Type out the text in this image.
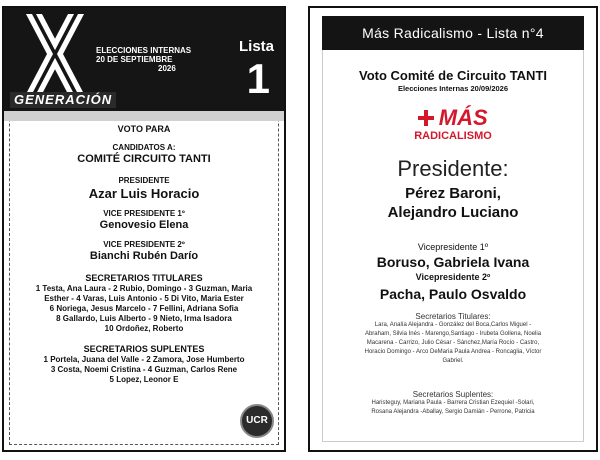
GENERACIÓN
ELECCIONES INTERNAS
20 DE SEPTIEMBRE
2026
Lista
1
VOTO PARA
CANDIDATOS A:
COMITÉ CIRCUITO TANTI
PRESIDENTE
Azar Luis Horacio
VICE PRESIDENTE 1º
Genovesio Elena
VICE PRESIDENTE 2º
Bianchi Rubén Darío
SECRETARIOS TITULARES
1 Testa, Ana Laura - 2 Rubio, Domingo - 3 Guzman, Maria
Esther - 4 Varas, Luis Antonio - 5 Di Vito, Maria Ester
6 Noriega, Jesus Marcelo - 7 Fellini, Adriana Sofia
8 Gallardo, Luis Alberto - 9 Nieto, Irma Isadora
10 Ordoñez, Roberto
SECRETARIOS SUPLENTES
1 Portela, Juana del Valle - 2 Zamora, Jose Humberto
3 Costa, Noemi Cristina - 4 Guzman, Carlos Rene
5 Lopez, Leonor E
UCR
Más Radicalismo - Lista n°4
Voto Comité de Circuito TANTI
Elecciones Internas 20/09/2026
MÁS
RADICALISMO
Presidente:
Pérez Baroni,
Alejandro Luciano
Vicepresidente 1º
Boruso, Gabriela Ivana
Vicepresidente 2º
Pacha, Paulo Osvaldo
Secretarios Titulares:
Lara, Analía Alejandra - González del Boca,Carlos Miguel -
Abraham, Silvia Inés - Marengo,Santiago - Irubeta Gollena, Noelia
Macarena - Carrizo, Julio César - Sánchez,María Rocío - Castro,
Horacio Domingo - Arco DeMaria Paula Andrea - Roncaglia, Víctor
Gabriel.
Secretarios Suplentes:
Haristeguy, Mariana Paula - Barrera Cristian Ezequiel -Solari,
Rosana Alejandra -Aballay, Sergio Damián - Perrone, Patricia
